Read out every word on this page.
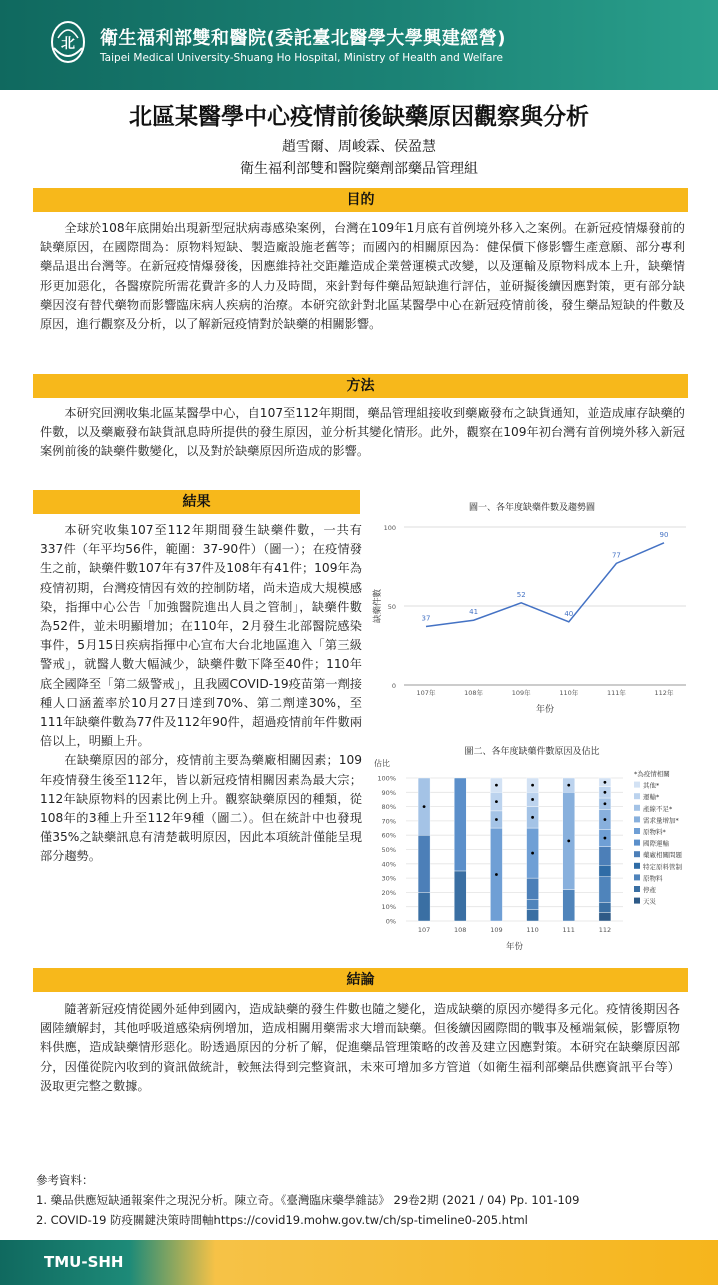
北 衛生福利部雙和醫院(委託臺北醫學大學興建經營)
Taipei Medical University-Shuang Ho Hospital, Ministry of Health and Welfare
北區某醫學中心疫情前後缺藥原因觀察與分析
趙雪爾、周峻霖、侯盈慧
衛生福利部雙和醫院藥劑部藥品管理組
目的

全球於108年底開始出現新型冠狀病毒感染案例，台灣在109年1月底有首例境外移入之案例。在新冠疫情爆發前的缺藥原因，在國際間為：原物料短缺、製造廠設施老舊等；而國內的相關原因為：健保價下修影響生產意願、部分專利藥品退出台灣等。在新冠疫情爆發後，因應維持社交距離造成企業營運模式改變，以及運輸及原物料成本上升，缺藥情形更加惡化，各醫療院所需花費許多的人力及時間，來針對每件藥品短缺進行評估，並研擬後續因應對策，更有部分缺藥因沒有替代藥物而影響臨床病人疾病的治療。本研究欲針對北區某醫學中心在新冠疫情前後，發生藥品短缺的件數及原因，進行觀察及分析，以了解新冠疫情對於缺藥的相關影響。

方法

本研究回溯收集北區某醫學中心，自107至112年期間，藥品管理組接收到藥廠發布之缺貨通知，並造成庫存缺藥的件數，以及藥廠發布缺貨訊息時所提供的發生原因，並分析其變化情形。此外，觀察在109年初台灣有首例境外移入新冠案例前後的缺藥件數變化，以及對於缺藥原因所造成的影響。

結果

本研究收集107至112年期間發生缺藥件數，一共有337件（年平均56件，範圍：37-90件）（圖一）；在疫情發生之前，缺藥件數107年有37件及108年有41件；109年為疫情初期，台灣疫情因有效的控制防堵，尚未造成大規模感染，指揮中心公告「加強醫院進出人員之管制」，缺藥件數為52件，並未明顯增加；在110年，2月發生北部醫院感染事件，5月15日疾病指揮中心宣布大台北地區進入「第三級警戒」，就醫人數大幅減少，缺藥件數下降至40件；110年底全國降至「第二級警戒」，且我國COVID-19疫苗第一劑接種人口涵蓋率於10月27日達到70%、第二劑達30%，至111年缺藥件數為77件及112年90件，超過疫情前年件數兩倍以上，明顯上升。

在缺藥原因的部分，疫情前主要為藥廠相關因素；109年疫情發生後至112年，皆以新冠疫情相關因素為最大宗；112年缺原物料的因素比例上升。觀察缺藥原因的種類，從108年的3種上升至112年9種（圖二）。但在統計中也發現僅35%之缺藥訊息有清楚載明原因，因此本項統計僅能呈現部分趨勢。

圖一、各年度缺藥件數及趨勢圖
0
50
100
107年	108年	109年	110年	111年	112年
年份
缺藥件數	37
41
52
40
77
90
圖二、各年度缺藥件數原因及佔比
佔比
0%
10%
20%
30%
40%
50%
60%
70%
80%
90%
100%
107	108	109	110	111	112
年份
*為疫情相關
其他*
運輸*
產線不足*
需求量增加*
原物料*
國際運輸
藥廠相關問題
特定原料管制
原物料
停產
天災
結論

隨著新冠疫情從國外延伸到國內，造成缺藥的發生件數也隨之變化，造成缺藥的原因亦變得多元化。疫情後期因各國陸續解封，其他呼吸道感染病例增加，造成相關用藥需求大增而缺藥。但後續因國際間的戰事及極端氣候，影響原物料供應，造成缺藥情形惡化。盼透過原因的分析了解，促進藥品管理策略的改善及建立因應對策。本研究在缺藥原因部分，因僅從院內收到的資訊做統計，較無法得到完整資訊，未來可增加多方管道（如衛生福利部藥品供應資訊平台等）汲取更完整之數據。

參考資料：
1. 藥品供應短缺通報案件之現況分析。陳立奇。《臺灣臨床藥學雜誌》 29卷2期 (2021 / 04) Pp. 101-109
2. COVID-19 防疫關鍵決策時間軸https://covid19.mohw.gov.tw/ch/sp-timeline0-205.html
TMU-SHH
